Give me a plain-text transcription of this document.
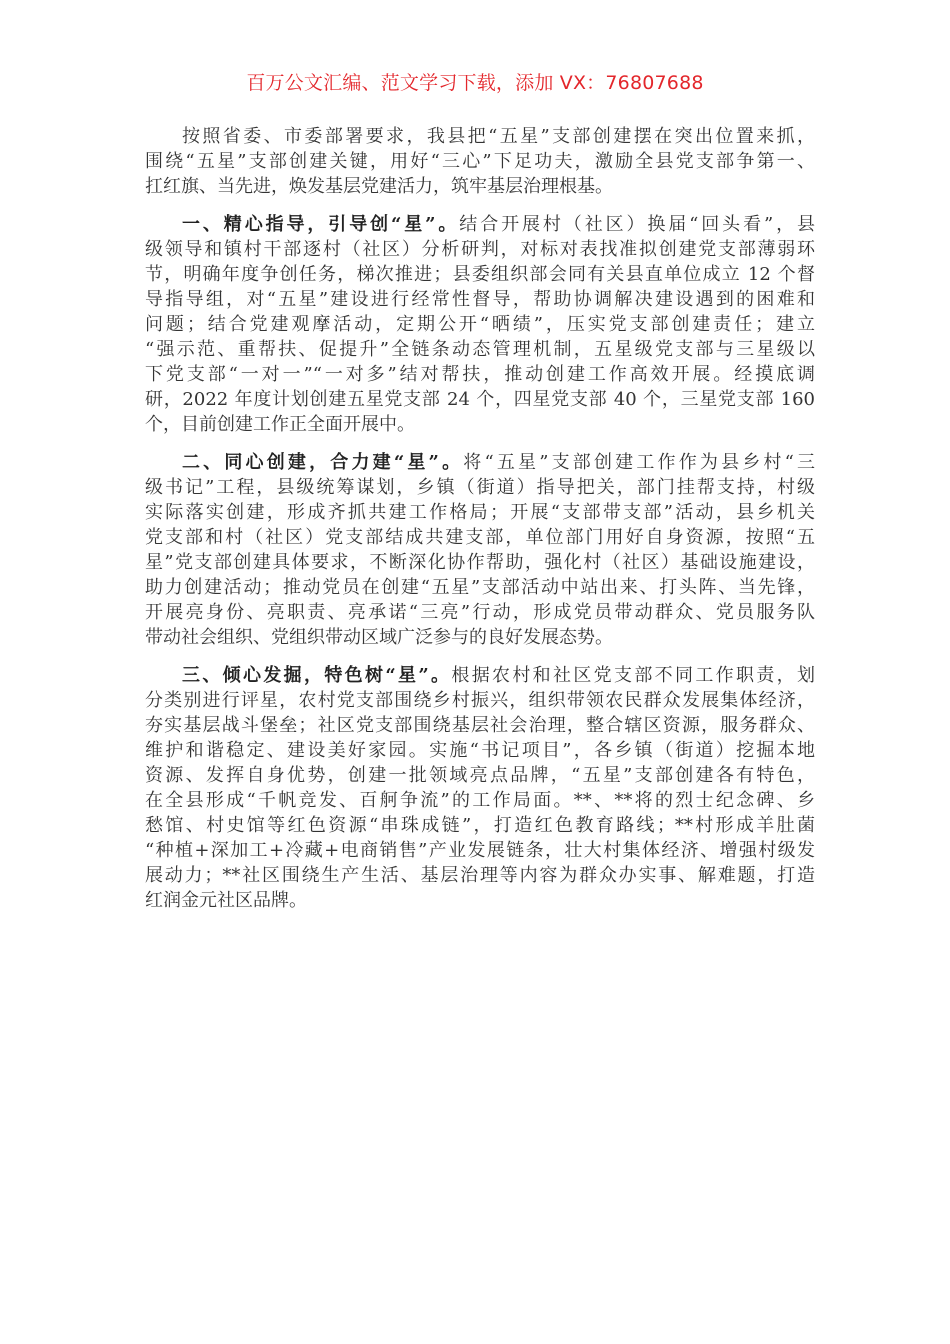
百万公文汇编、范文学习下载，添加 VX：76807688
按照省委、市委部署要求，我县把“五星”支部创建摆在突出位置来抓，
围绕“五星”支部创建关键，用好“三心”下足功夫，激励全县党支部争第一、
扛红旗、当先进，焕发基层党建活力，筑牢基层治理根基。
一、精心指导，引导创“星”。结合开展村（社区）换届“回头看”，县
级领导和镇村干部逐村（社区）分析研判，对标对表找准拟创建党支部薄弱环
节，明确年度争创任务，梯次推进；县委组织部会同有关县直单位成立 12 个督
导指导组，对“五星”建设进行经常性督导，帮助协调解决建设遇到的困难和
问题；结合党建观摩活动，定期公开“晒绩”，压实党支部创建责任；建立
“强示范、重帮扶、促提升”全链条动态管理机制，五星级党支部与三星级以
下党支部“一对一”“一对多”结对帮扶，推动创建工作高效开展。经摸底调
研，2022 年度计划创建五星党支部 24 个，四星党支部 40 个，三星党支部 160
个，目前创建工作正全面开展中。
二、同心创建，合力建“星”。将“五星”支部创建工作作为县乡村“三
级书记”工程，县级统筹谋划，乡镇（街道）指导把关，部门挂帮支持，村级
实际落实创建，形成齐抓共建工作格局；开展“支部带支部”活动，县乡机关
党支部和村（社区）党支部结成共建支部，单位部门用好自身资源，按照“五
星”党支部创建具体要求，不断深化协作帮助，强化村（社区）基础设施建设，
助力创建活动；推动党员在创建“五星”支部活动中站出来、打头阵、当先锋，
开展亮身份、亮职责、亮承诺“三亮”行动，形成党员带动群众、党员服务队
带动社会组织、党组织带动区域广泛参与的良好发展态势。
三、倾心发掘，特色树“星”。根据农村和社区党支部不同工作职责，划
分类别进行评星，农村党支部围绕乡村振兴，组织带领农民群众发展集体经济，
夯实基层战斗堡垒；社区党支部围绕基层社会治理，整合辖区资源，服务群众、
维护和谐稳定、建设美好家园。实施“书记项目”，各乡镇（街道）挖掘本地
资源、发挥自身优势，创建一批领域亮点品牌，“五星”支部创建各有特色，
在全县形成“千帆竞发、百舸争流”的工作局面。**、**将的烈士纪念碑、乡
愁馆、村史馆等红色资源“串珠成链”，打造红色教育路线；**村形成羊肚菌
“种植+深加工+冷藏+电商销售”产业发展链条，壮大村集体经济、增强村级发
展动力；**社区围绕生产生活、基层治理等内容为群众办实事、解难题，打造
红润金元社区品牌。
